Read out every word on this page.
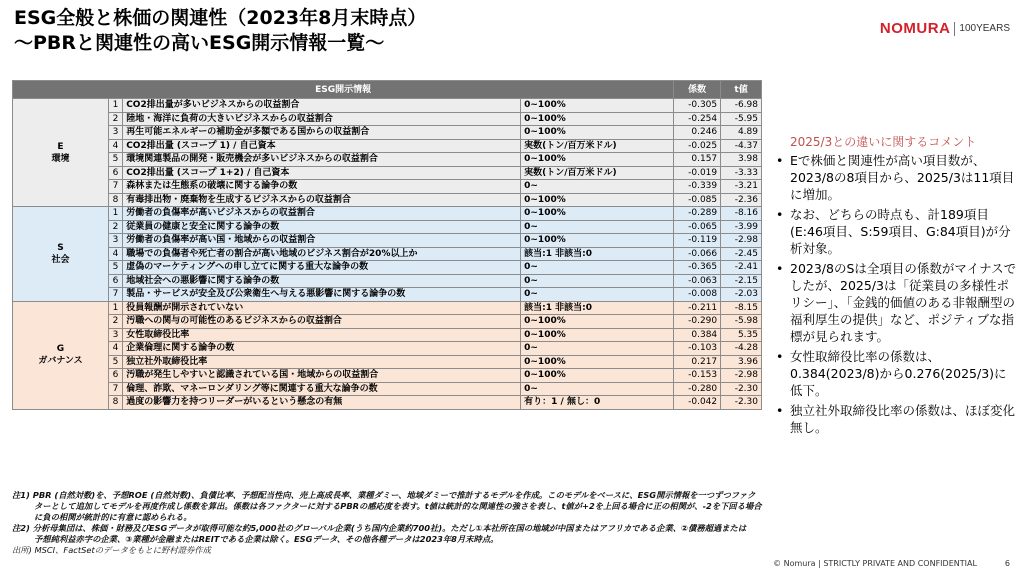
ESG全般と株価の関連性（2023年8月末時点）
～PBRと関連性の高いESG開示情報一覧～
NOMURA 100YEARS
ESG開示情報				係数	t値
E
環境	1	CO2排出量が多いビジネスからの収益割合	0~100%	-0.305	-6.98
	2	陸地・海洋に負荷の大きいビジネスからの収益割合	0~100%	-0.254	-5.95
	3	再生可能エネルギーの補助金が多額である国からの収益割合	0~100%	0.246	4.89
	4	CO2排出量 (スコープ 1) / 自己資本	実数(トン/百万米ドル)	-0.025	-4.37
	5	環境関連製品の開発・販売機会が多いビジネスからの収益割合	0~100%	0.157	3.98
	6	CO2排出量 (スコープ 1+2) / 自己資本	実数(トン/百万米ドル)	-0.019	-3.33
	7	森林または生態系の破壊に関する論争の数	0~	-0.339	-3.21
	8	有毒排出物・廃棄物を生成するビジネスからの収益割合	0~100%	-0.085	-2.36
S
社会	1	労働者の負傷率が高いビジネスからの収益割合	0~100%	-0.289	-8.16
	2	従業員の健康と安全に関する論争の数	0~	-0.065	-3.99
	3	労働者の負傷率が高い国・地域からの収益割合	0~100%	-0.119	-2.98
	4	職場での負傷者や死亡者の割合が高い地域のビジネス割合が20%以上か	該当:1 非該当:0	-0.066	-2.45
	5	虚偽のマーケティングへの申し立てに関する重大な論争の数	0~	-0.365	-2.41
	6	地域社会への悪影響に関する論争の数	0~	-0.063	-2.15
	7	製品・サービスが安全及び公衆衛生へ与える悪影響に関する論争の数	0~	-0.008	-2.03
G
ガバナンス	1	役員報酬が開示されていない	該当:1 非該当:0	-0.211	-8.15
	2	汚職への関与の可能性のあるビジネスからの収益割合	0~100%	-0.290	-5.98
	3	女性取締役比率	0~100%	0.384	5.35
	4	企業倫理に関する論争の数	0~	-0.103	-4.28
	5	独立社外取締役比率	0~100%	0.217	3.96
	6	汚職が発生しやすいと認識されている国・地域からの収益割合	0~100%	-0.153	-2.98
	7	倫理、詐欺、マネーロンダリング等に関連する重大な論争の数	0~	-0.280	-2.30
	8	過度の影響力を持つリーダーがいるという懸念の有無	有り：1 / 無し：0	-0.042	-2.30
2025/3との違いに関するコメント
• Eで株価と関連性が高い項目数が、2023/8の8項目から、2025/3は11項目に増加。
• なお、どちらの時点も、計189項目(E:46項目、S:59項目、G:84項目)が分析対象。
• 2023/8のSは全項目の係数がマイナスでしたが、2025/3は「従業員の多様性ポリシー」、「金銭的価値のある非報酬型の福利厚生の提供」など、ポジティブな指標が見られます。
• 女性取締役比率の係数は、0.384(2023/8)から0.276(2025/3)に低下。
• 独立社外取締役比率の係数は、ほぼ変化無し。

注1) PBR (自然対数)を、予想ROE (自然対数)、負債比率、予想配当性向、売上高成長率、業種ダミー、地域ダミーで推計するモデルを作成。このモデルをベースに、ESG開示情報を一つずつファク

ターとして追加してモデルを再度作成し係数を算出。係数は各ファクターに対するPBRの感応度を表す。t値は統計的な関連性の強さを表し、t値が+2を上回る場合に正の相関が、-2を下回る場合

に負の相関が統計的に有意に認められる。

注2) 分析母集団は、株価・財務及びESGデータが取得可能な約5,000社のグローバル企業(うち国内企業約700社)。ただし①本社所在国の地域が中国またはアフリカである企業、②債務超過または

予想純利益赤字の企業、③業種が金融またはREITである企業は除く。ESGデータ、その他各種データは2023年8月末時点。

出所) MSCI、FactSetのデータをもとに野村證券作成

© Nomura | STRICTLY PRIVATE AND CONFIDENTIAL	6
